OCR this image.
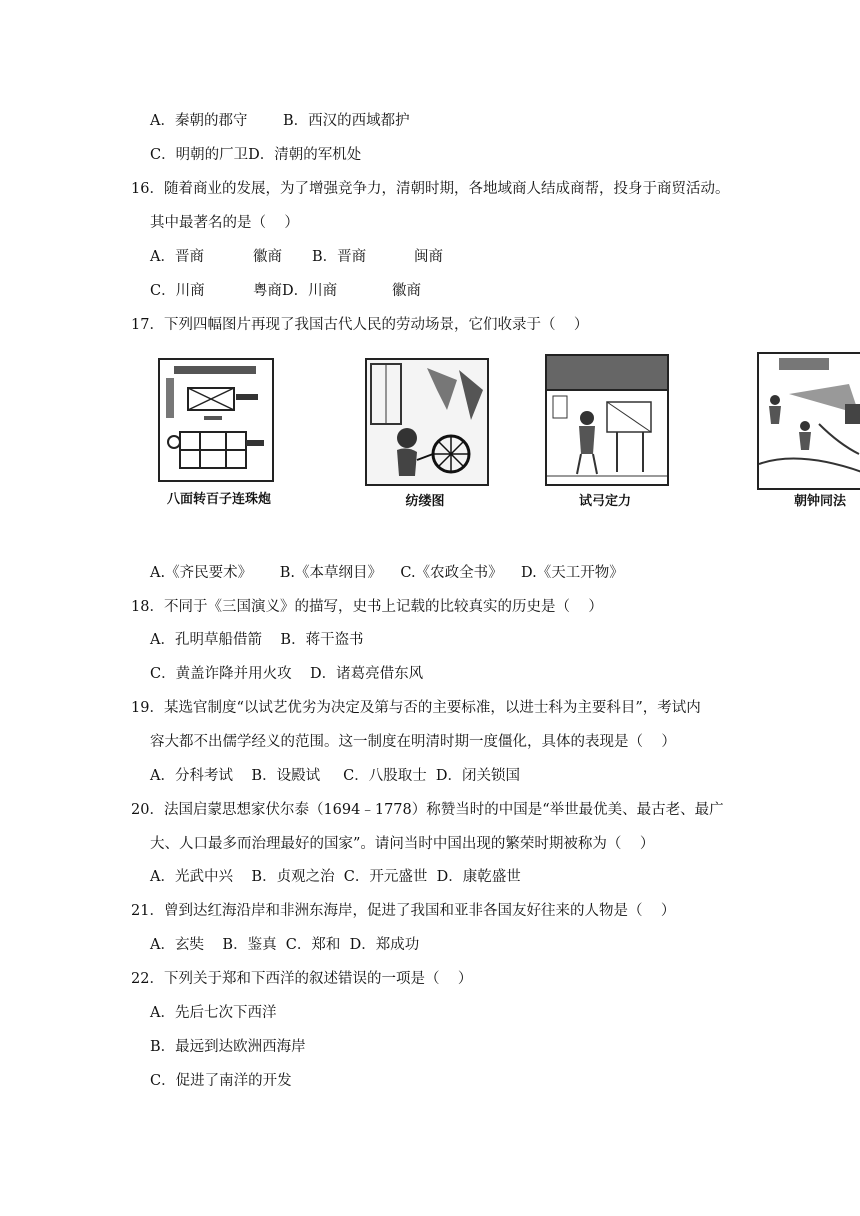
A．秦朝的郡守 B．西汉的西域都护
C．明朝的厂卫D．清朝的军机处
16．随着商业的发展，为了增强竞争力，清朝时期，各地域商人结成商帮，投身于商贸活动。
其中最著名的是（    ）
A．晋商	徽商 B．晋商	闽商
C．川商	粤商D．川商	徽商
17．下列四幅图片再现了我国古代人民的劳动场景，它们收录于（    ）
八面转百子连珠炮	纺缕图	试弓定力	朝钟同法
A.《齐民要术》      B.《本草纲目》    C.《农政全书》    D.《天工开物》
18．不同于《三国演义》的描写，史书上记载的比较真实的历史是（    ）
A．孔明草船借箭    B．蒋干盗书
C．黄盖诈降并用火攻    D．诸葛亮借东风
19．某选官制度“以试艺优劣为决定及第与否的主要标准，以进士科为主要科目”，考试内
容大都不出儒学经义的范围。这一制度在明清时期一度僵化，具体的表现是（    ）
A．分科考试    B．设殿试     C．八股取士  D．闭关锁国
20．法国启蒙思想家伏尔泰（1694﹣1778）称赞当时的中国是“举世最优美、最古老、最广
大、人口最多而治理最好的国家”。请问当时中国出现的繁荣时期被称为（    ）
A．光武中兴    B．贞观之治  C．开元盛世  D．康乾盛世
21．曾到达红海沿岸和非洲东海岸，促进了我国和亚非各国友好往来的人物是（    ）
A．玄奘    B．鉴真  C．郑和  D．郑成功
22．下列关于郑和下西洋的叙述错误的一项是（    ）
A．先后七次下西洋
B．最远到达欧洲西海岸
C．促进了南洋的开发
